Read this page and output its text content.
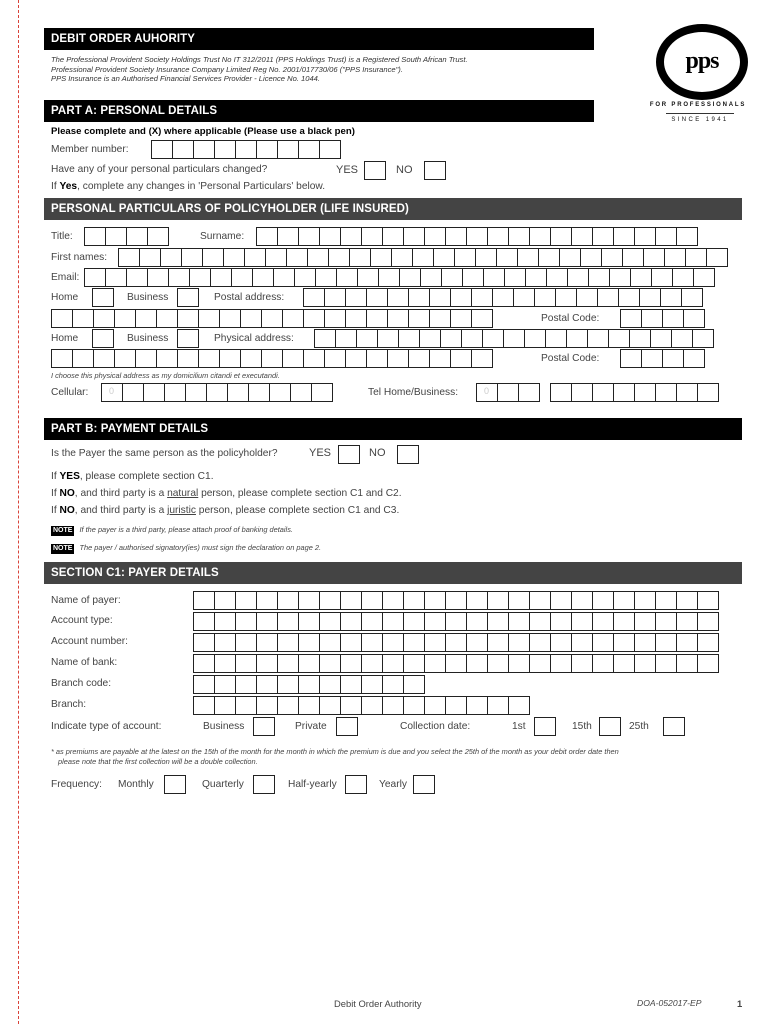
DEBIT ORDER AUHORITY
The Professional Provident Society Holdings Trust No IT 312/2011 (PPS Holdings Trust) is a Registered South African Trust.
Professional Provident Society Insurance Company Limited Reg No. 2001/017730/06 ("PPS Insurance").
PPS Insurance is an Authorised Financial Services Provider - Licence No. 1044.
pps
FOR PROFESSIONALS
SINCE 1941
PART A: PERSONAL DETAILS
Please complete and (X) where applicable (Please use a black pen)
Member number:
Have any of your personal particulars changed?	YES	NO
If Yes, complete any changes in 'Personal Particulars' below.
PERSONAL PARTICULARS OF POLICYHOLDER (LIFE INSURED)
Title:	Surname:
First names:
Email:
Home	Business	Postal address:
Postal Code:
Home	Business	Physical address:
Postal Code:
I choose this physical address as my domicilium citandi et executandi.
Cellular: 0	Tel Home/Business:	0
PART B: PAYMENT DETAILS
Is the Payer the same person as the policyholder?	YES	NO
If YES, please complete section C1.
If NO, and third party is a natural person, please complete section C1 and C2.
If NO, and third party is a juristic person, please complete section C1 and C3.
NOTE If the payer is a third party, please attach proof of banking details.
NOTE The payer / authorised signatory(ies) must sign the declaration on page 2.
SECTION C1: PAYER DETAILS
Name of payer:
Account type:
Account number:
Name of bank:
Branch code:
Branch:
Indicate type of account:	Business	Private	Collection date:	1st	15th	25th
* as premiums are payable at the latest on the 15th of the month for the month in which the premium is due and you select the 25th of the month as your debit order date then
please note that the first collection will be a double collection.
Frequency: Monthly	Quarterly	Half-yearly	Yearly
Debit Order Authority	DOA-052017-EP	1
